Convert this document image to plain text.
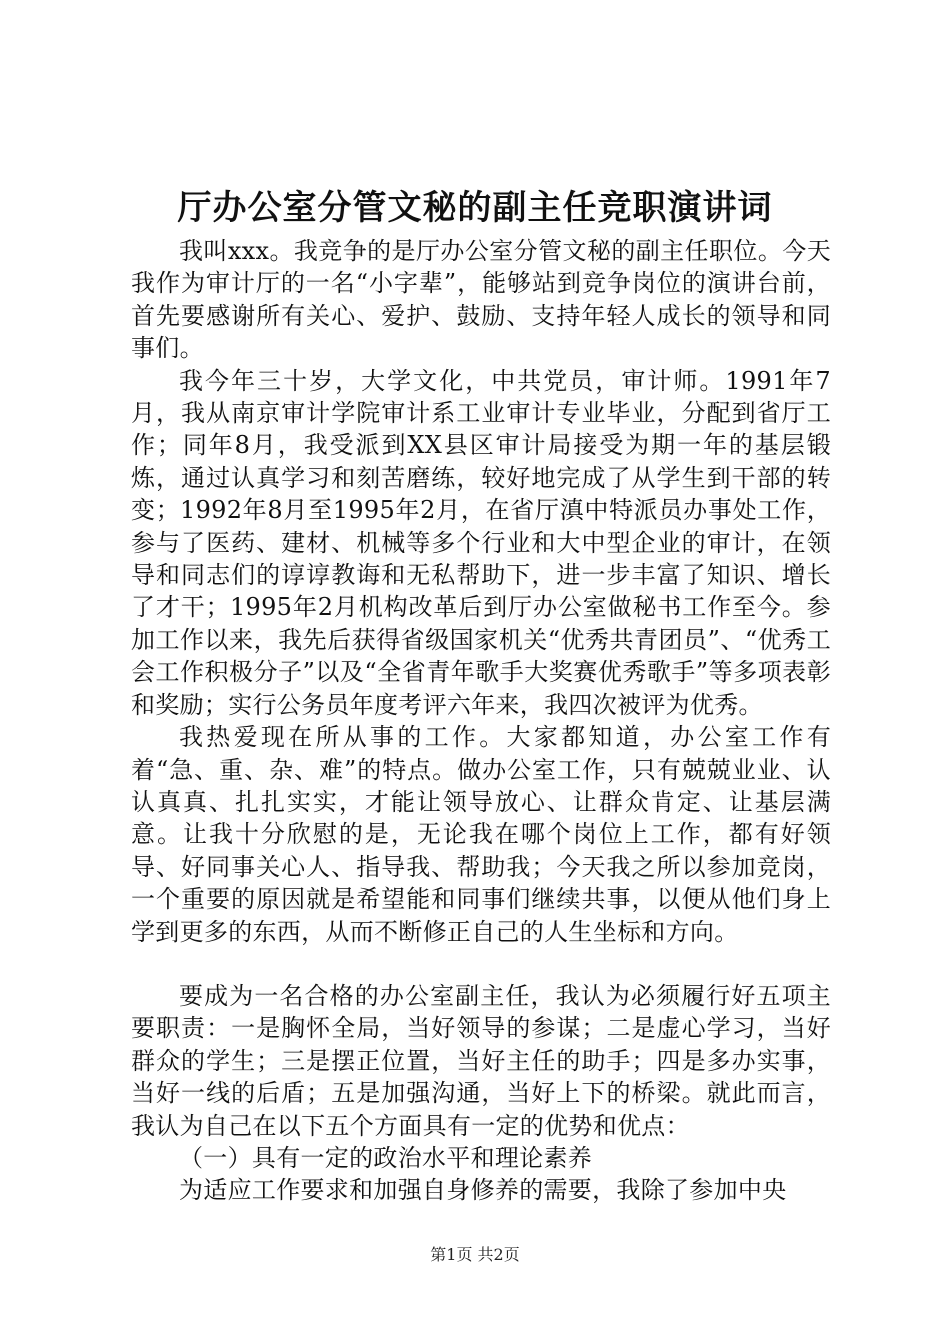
厅办公室分管文秘的副主任竞职演讲词

我叫xxx。我竞争的是厅办公室分管文秘的副主任职位。今天我作为审计厅的一名“小字辈”，能够站到竞争岗位的演讲台前，首先要感谢所有关心、爱护、鼓励、支持年轻人成长的领导和同事们。

我今年三十岁，大学文化，中共党员，审计师。1991年7月，我从南京审计学院审计系工业审计专业毕业，分配到省厅工作；同年8月，我受派到XX县区审计局接受为期一年的基层锻炼，通过认真学习和刻苦磨练，较好地完成了从学生到干部的转变；1992年8月至1995年2月，在省厅滇中特派员办事处工作，参与了医药、建材、机械等多个行业和大中型企业的审计，在领导和同志们的谆谆教诲和无私帮助下，进一步丰富了知识、增长了才干；1995年2月机构改革后到厅办公室做秘书工作至今。参加工作以来，我先后获得省级国家机关“优秀共青团员”、“优秀工会工作积极分子”以及“全省青年歌手大奖赛优秀歌手”等多项表彰和奖励；实行公务员年度考评六年来，我四次被评为优秀。

我热爱现在所从事的工作。大家都知道，办公室工作有着“急、重、杂、难”的特点。做办公室工作，只有兢兢业业、认认真真、扎扎实实，才能让领导放心、让群众肯定、让基层满意。让我十分欣慰的是，无论我在哪个岗位上工作，都有好领导、好同事关心人、指导我、帮助我；今天我之所以参加竞岗，一个重要的原因就是希望能和同事们继续共事，以便从他们身上学到更多的东西，从而不断修正自己的人生坐标和方向。

要成为一名合格的办公室副主任，我认为必须履行好五项主要职责：一是胸怀全局，当好领导的参谋；二是虚心学习，当好群众的学生；三是摆正位置，当好主任的助手；四是多办实事，当好一线的后盾；五是加强沟通，当好上下的桥梁。就此而言，我认为自己在以下五个方面具有一定的优势和优点：

（一）具有一定的政治水平和理论素养

为适应工作要求和加强自身修养的需要，我除了参加中央

第1页 共2页
